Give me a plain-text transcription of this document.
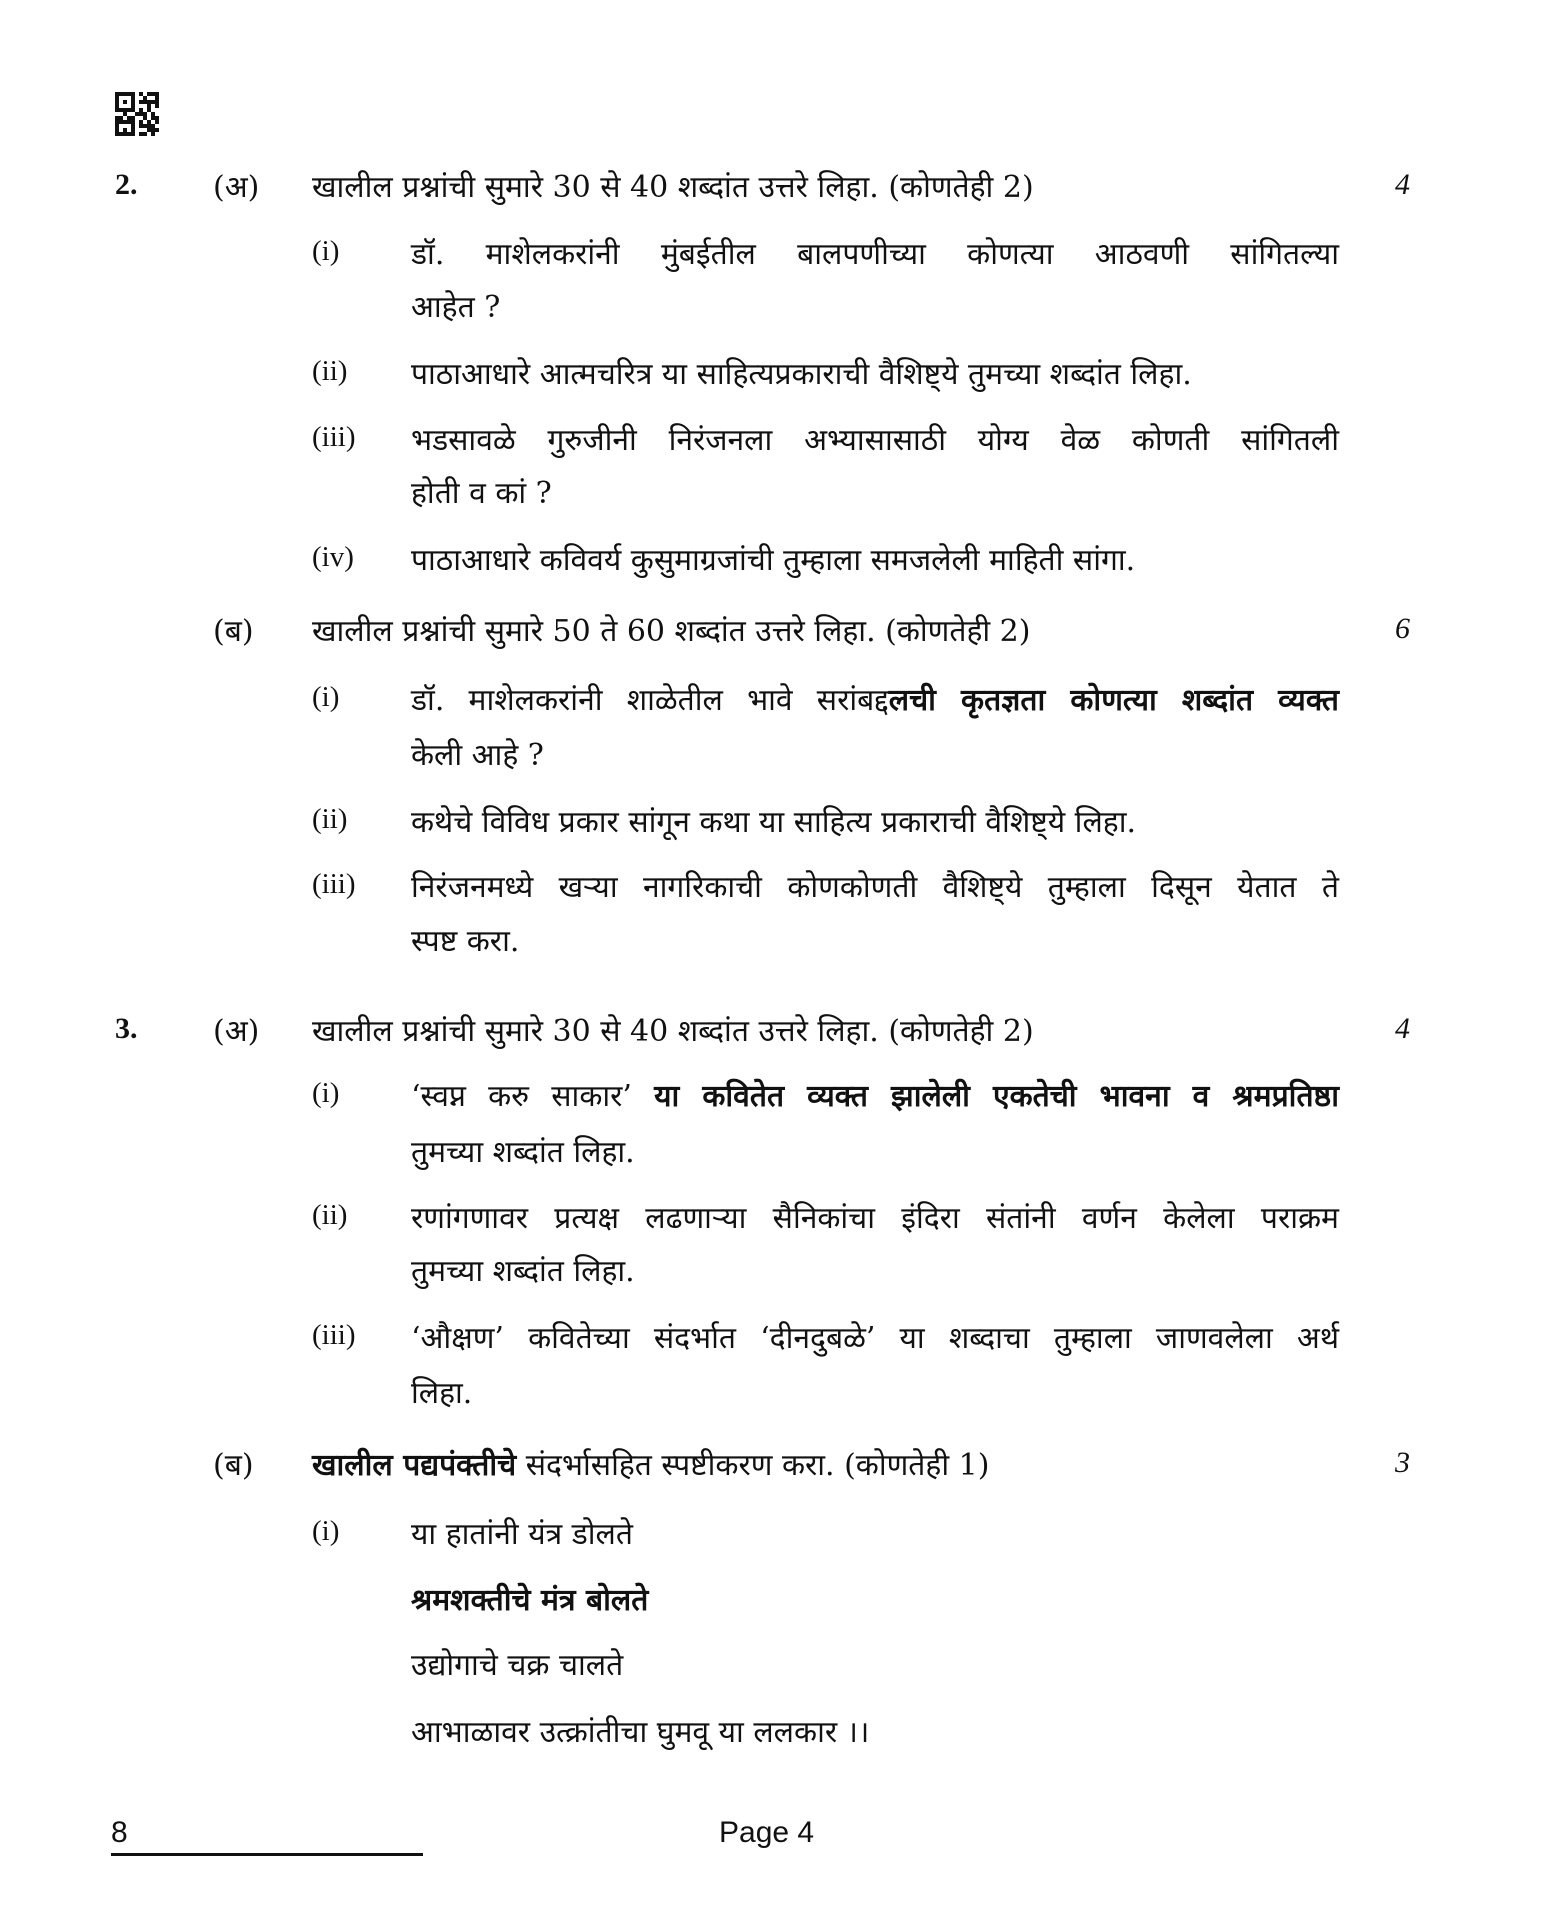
2.	(अ) खालील प्रश्नांची सुमारे 30 से 40 शब्दांत उत्तरे लिहा. (कोणतेही 2)	4
(i) डॉ. माशेलकरांनी मुंबईतील बालपणीच्या कोणत्या आठवणी सांगितल्या
आहेत ?
(ii) पाठाआधारे आत्मचरित्र या साहित्यप्रकाराची वैशिष्ट्ये तुमच्या शब्दांत लिहा.
(iii) भडसावळे गुरुजीनी निरंजनला अभ्यासासाठी योग्य वेळ कोणती सांगितली
होती व कां ?
(iv) पाठाआधारे कविवर्य कुसुमाग्रजांची तुम्हाला समजलेली माहिती सांगा.
(ब) खालील प्रश्नांची सुमारे 50 ते 60 शब्दांत उत्तरे लिहा. (कोणतेही 2)	6
(i) डॉ. माशेलकरांनी शाळेतील भावे सरांबद्दलची कृतज्ञता कोणत्या शब्दांत व्यक्त
केली आहे ?
(ii) कथेचे विविध प्रकार सांगून कथा या साहित्य प्रकाराची वैशिष्ट्ये लिहा.
(iii) निरंजनमध्ये खऱ्या नागरिकाची कोणकोणती वैशिष्ट्ये तुम्हाला दिसून येतात ते
स्पष्ट करा.
3.	(अ) खालील प्रश्नांची सुमारे 30 से 40 शब्दांत उत्तरे लिहा. (कोणतेही 2)	4
(i) ‘स्वप्न करु साकार’ या कवितेत व्यक्त झालेली एकतेची भावना व श्रमप्रतिष्ठा
तुमच्या शब्दांत लिहा.
(ii) रणांगणावर प्रत्यक्ष लढणाऱ्या सैनिकांचा इंदिरा संतांनी वर्णन केलेला पराक्रम
तुमच्या शब्दांत लिहा.
(iii) ‘औक्षण’ कवितेच्या संदर्भात ‘दीनदुबळे’ या शब्दाचा तुम्हाला जाणवलेला अर्थ
लिहा.
(ब) खालील पद्यपंक्तीचे संदर्भासहित स्पष्टीकरण करा. (कोणतेही 1)	3
(i) या हातांनी यंत्र डोलते
श्रमशक्तीचे मंत्र बोलते
उद्योगाचे चक्र चालते
आभाळावर उत्क्रांतीचा घुमवू या ललकार ।।
8	Page 4
